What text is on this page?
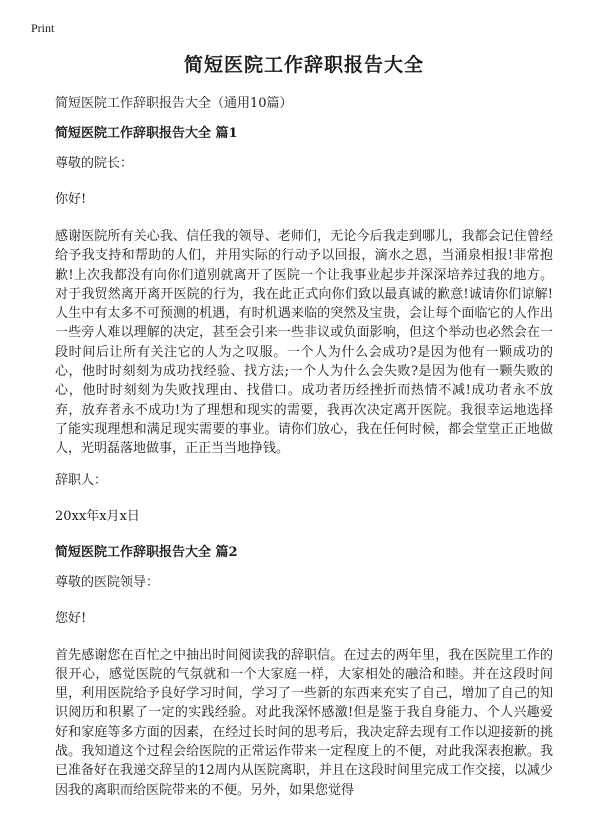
Print
简短医院工作辞职报告大全

简短医院工作辞职报告大全（通用10篇）

简短医院工作辞职报告大全 篇1

尊敬的院长：

你好!

感谢医院所有关心我、信任我的领导、老师们，无论今后我走到哪儿，我都会记住曾经给予我支持和帮助的人们，并用实际的行动予以回报，滴水之恩，当涌泉相报!非常抱歉!上次我都没有向你们道别就离开了医院一个让我事业起步并深深培养过我的地方。对于我贸然离开离开医院的行为，我在此正式向你们致以最真诚的歉意!诚请你们谅解!人生中有太多不可预测的机遇，有时机遇来临的突然及宝贵，会让每个面临它的人作出一些旁人难以理解的决定，甚至会引来一些非议或负面影响，但这个举动也必然会在一段时间后让所有关注它的人为之叹服。一个人为什么会成功?是因为他有一颗成功的心，他时时刻刻为成功找经验、找方法;一个人为什么会失败?是因为他有一颗失败的心，他时时刻刻为失败找理由、找借口。成功者历经挫折而热情不减!成功者永不放弃，放弃者永不成功!为了理想和现实的需要，我再次决定离开医院。我很幸运地选择了能实现理想和满足现实需要的事业。请你们放心，我在任何时候，都会堂堂正正地做人，光明磊落地做事，正正当当地挣钱。

辞职人：

20xx年x月x日

简短医院工作辞职报告大全 篇2

尊敬的医院领导：

您好!

首先感谢您在百忙之中抽出时间阅读我的辞职信。在过去的两年里，我在医院里工作的很开心，感觉医院的气氛就和一个大家庭一样，大家相处的融洽和睦。并在这段时间里，利用医院给予良好学习时间，学习了一些新的东西来充实了自己，增加了自己的知识阅历和积累了一定的实践经验。对此我深怀感激!但是鉴于我自身能力、个人兴趣爱好和家庭等多方面的因素，在经过长时间的思考后，我决定辞去现有工作以迎接新的挑战。我知道这个过程会给医院的正常运作带来一定程度上的不便，对此我深表抱歉。我已准备好在我递交辞呈的12周内从医院离职，并且在这段时间里完成工作交接，以减少因我的离职而给医院带来的不便。另外，如果您觉得
